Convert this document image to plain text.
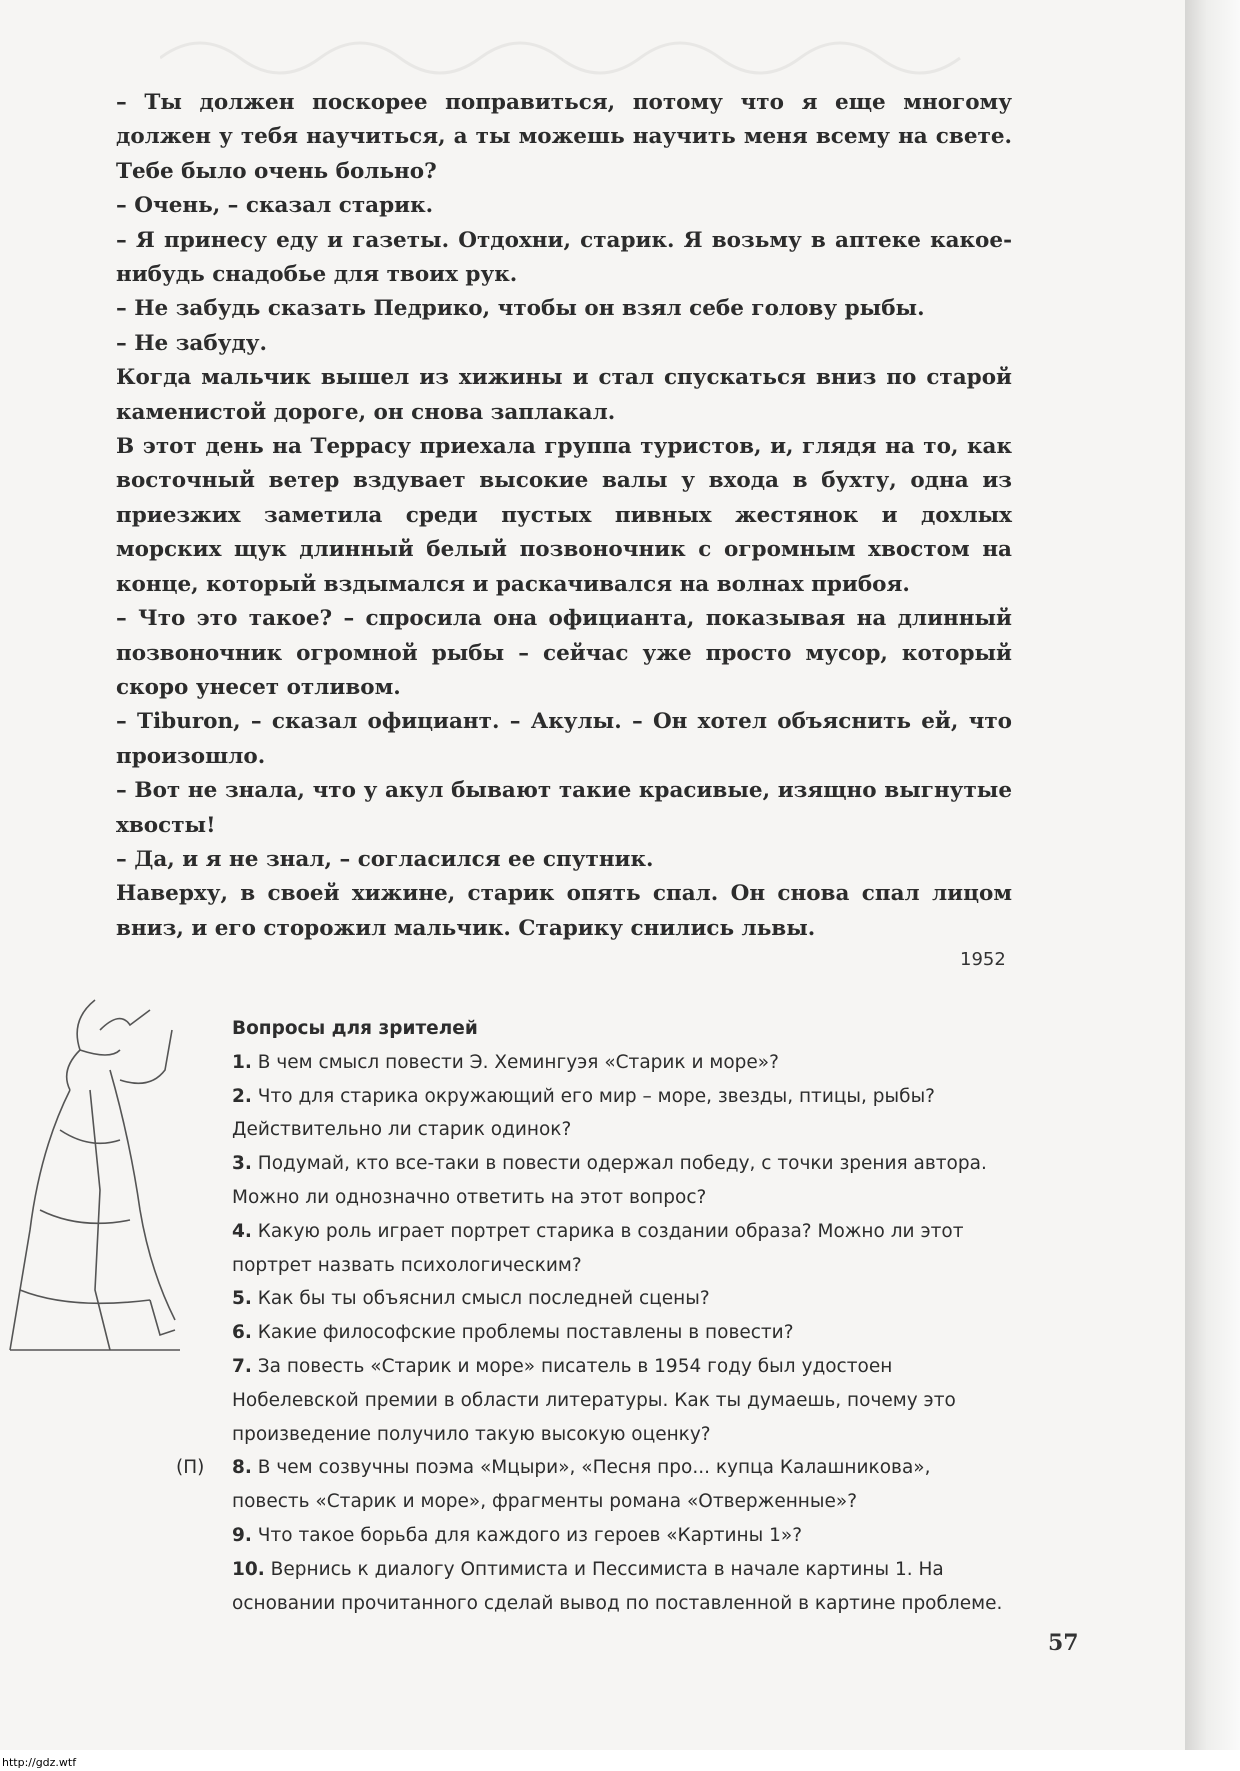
– Ты должен поскорее поправиться, потому что я еще многому должен у тебя научиться, а ты можешь научить меня всему на свете. Тебе было очень больно?

– Очень, – сказал старик.

– Я принесу еду и газеты. Отдохни, старик. Я возьму в аптеке какое-нибудь снадобье для твоих рук.

– Не забудь сказать Педрико, чтобы он взял себе голову рыбы.

– Не забуду.

Когда мальчик вышел из хижины и стал спускаться вниз по старой каменистой дороге, он снова заплакал.

В этот день на Террасу приехала группа туристов, и, глядя на то, как восточный ветер вздувает высокие валы у входа в бухту, одна из приезжих заметила среди пустых пивных жестянок и дохлых морских щук длинный белый позвоночник с огромным хвостом на конце, который вздымался и раскачивался на волнах прибоя.

– Что это такое? – спросила она официанта, показывая на длинный позвоночник огромной рыбы – сейчас уже просто мусор, который скоро унесет отливом.

– Tiburon, – сказал официант. – Акулы. – Он хотел объяснить ей, что произошло.

– Вот не знала, что у акул бывают такие красивые, изящно выгнутые хвосты!

– Да, и я не знал, – согласился ее спутник.

Наверху, в своей хижине, старик опять спал. Он снова спал лицом вниз, и его сторожил мальчик. Старику снились львы.

1952

Вопросы для зрителей

1. В чем смысл повести Э. Хемингуэя «Старик и море»?

2. Что для старика окружающий его мир – море, звезды, птицы, рыбы? Действительно ли старик одинок?

3. Подумай, кто все-таки в повести одержал победу, с точки зрения автора. Можно ли однозначно ответить на этот вопрос?

4. Какую роль играет портрет старика в создании образа? Можно ли этот портрет назвать психологическим?

5. Как бы ты объяснил смысл последней сцены?

6. Какие философские проблемы поставлены в повести?

7. За повесть «Старик и море» писатель в 1954 году был удостоен Нобелевской премии в области литературы. Как ты думаешь, почему это произведение получило такую высокую оценку?

(П) 8. В чем созвучны поэма «Мцыри», «Песня про... купца Калашникова», повесть «Старик и море», фрагменты романа «Отверженные»?

9. Что такое борьба для каждого из героев «Картины 1»?

10. Вернись к диалогу Оптимиста и Пессимиста в начале картины 1. На основании прочитанного сделай вывод по поставленной в картине проблеме.

57
http://gdz.wtf
